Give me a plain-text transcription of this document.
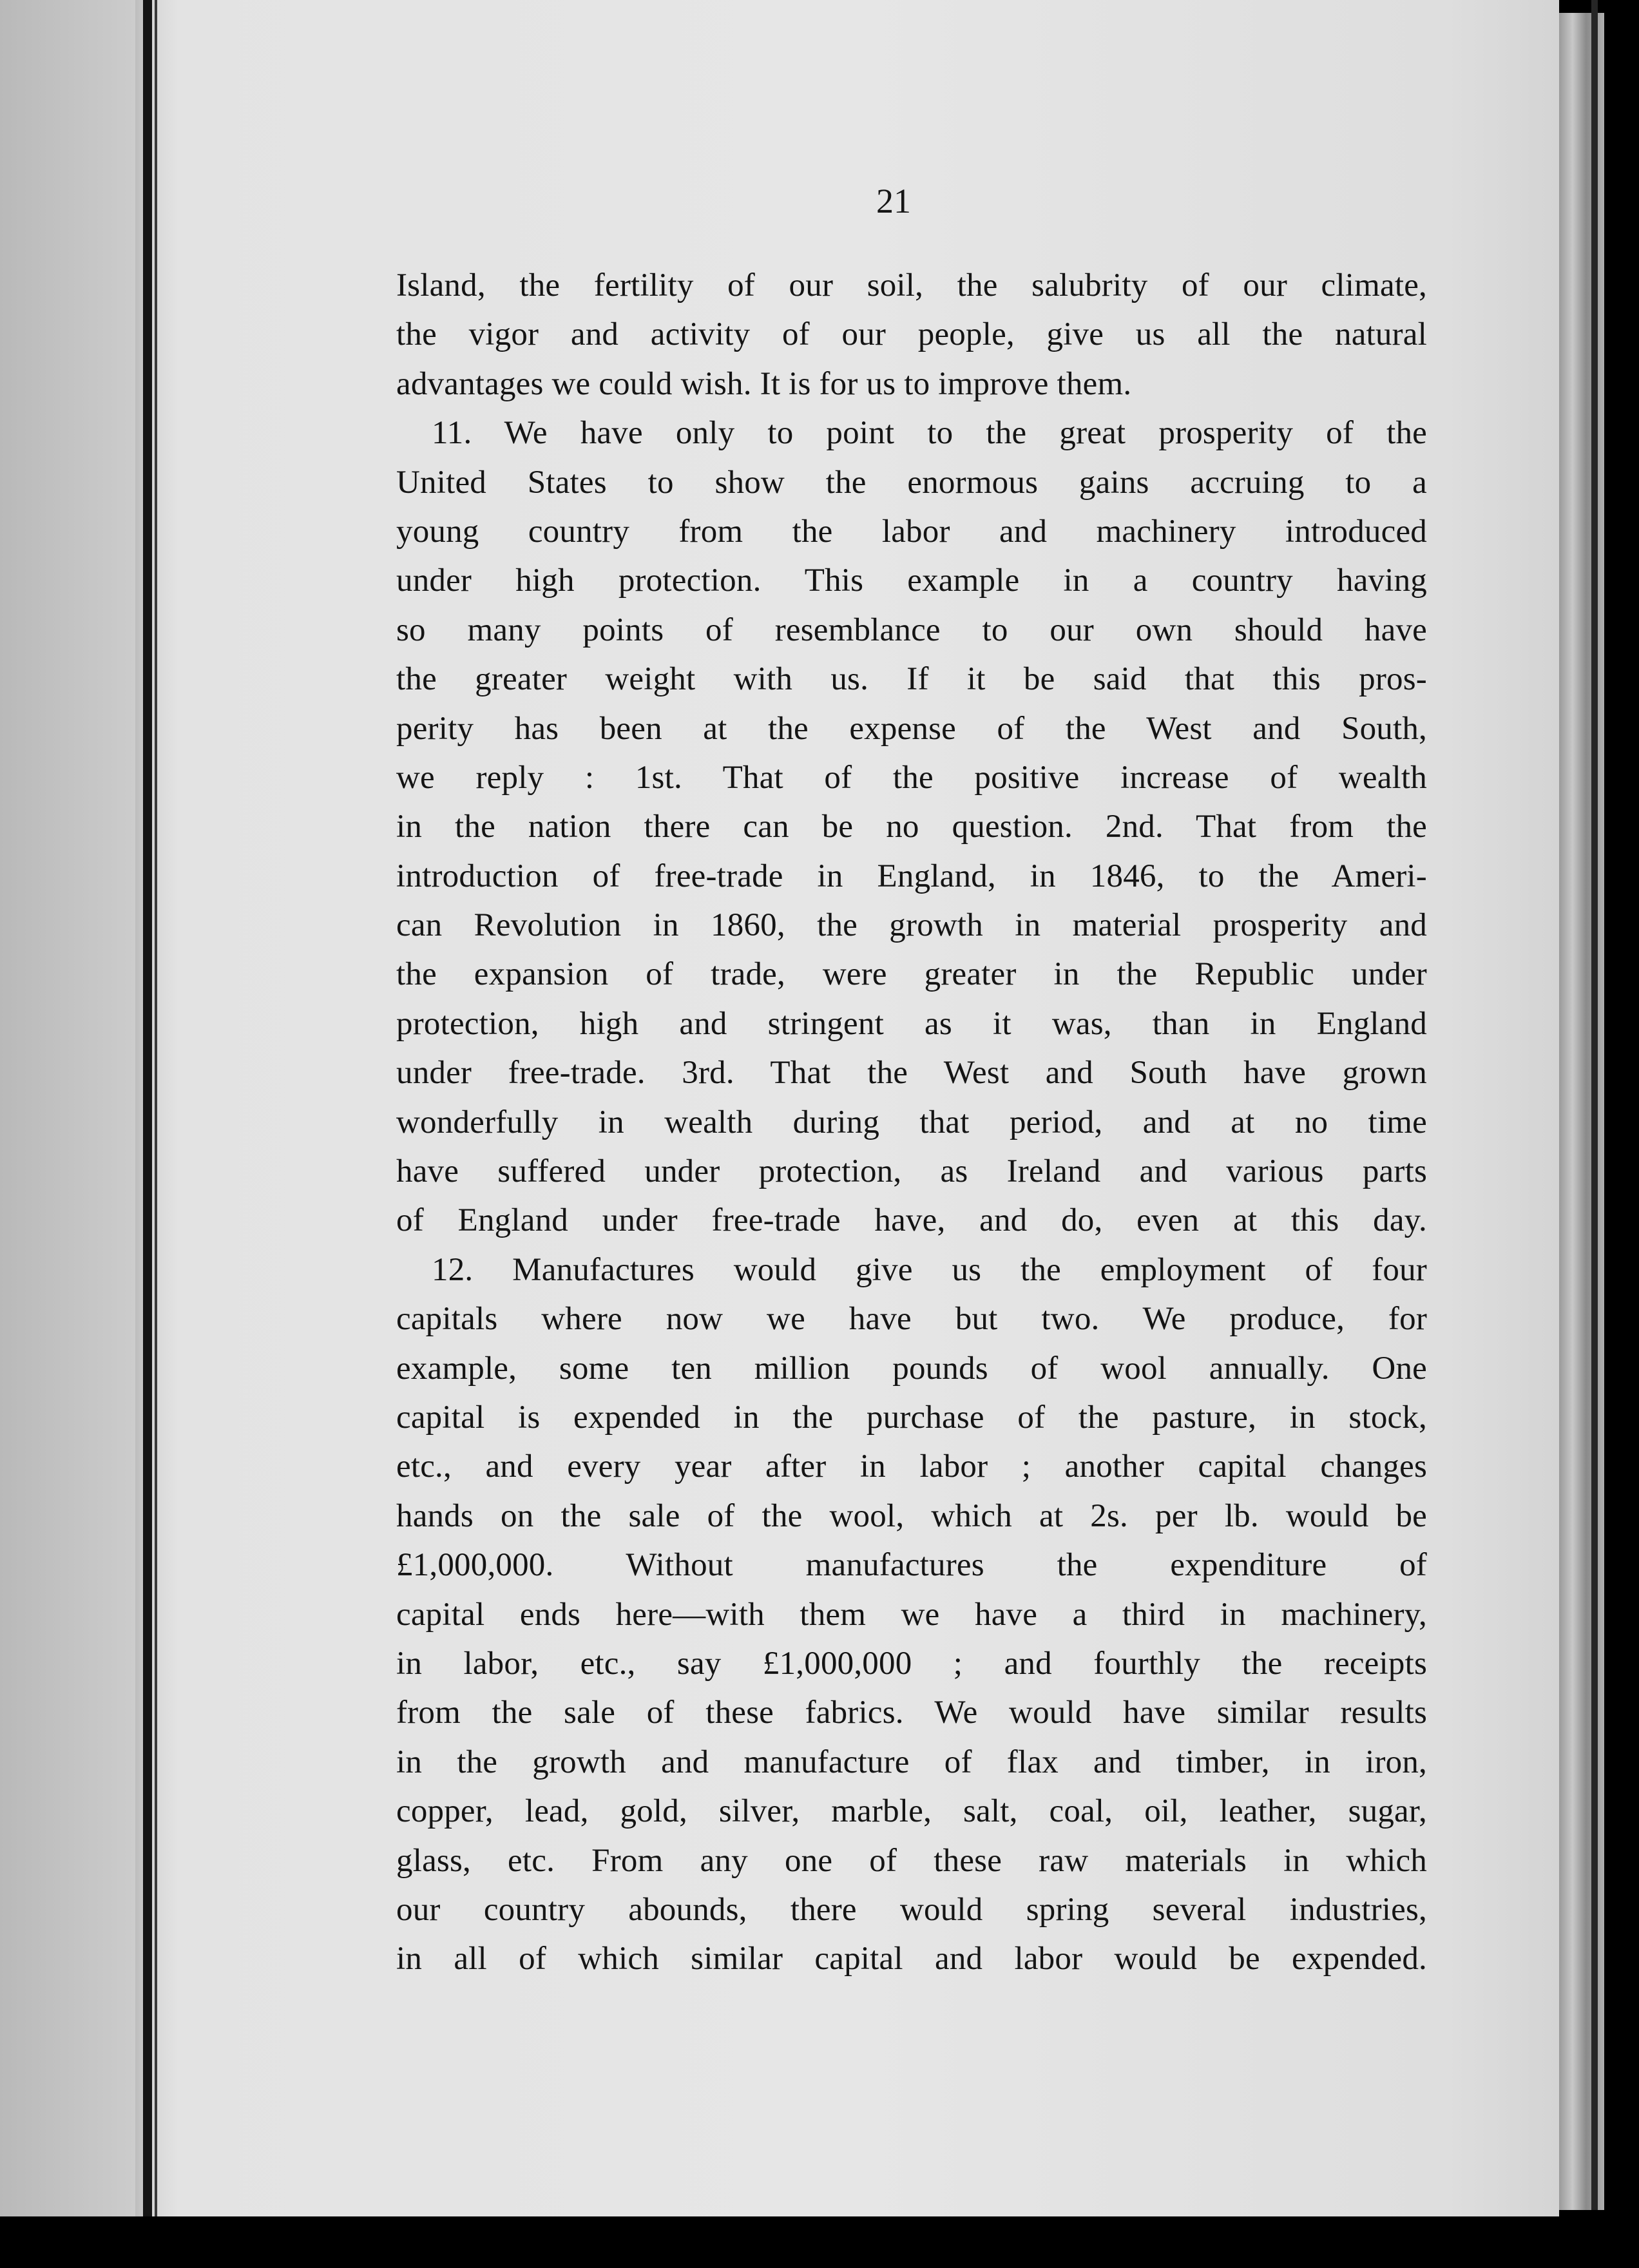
21

Island, the fertility of our soil, the salubrity of our climate,
the vigor and activity of our people, give us all the natural
advantages we could wish. It is for us to improve them.
11. We have only to point to the great prosperity of the
United States to show the enormous gains accruing to a
young country from the labor and machinery introduced
under high protection. This example in a country having
so many points of resemblance to our own should have
the greater weight with us. If it be said that this pros-
perity has been at the expense of the West and South,
we reply : 1st. That of the positive increase of wealth
in the nation there can be no question. 2nd. That from the
introduction of free-trade in England, in 1846, to the Ameri-
can Revolution in 1860, the growth in material prosperity and
the expansion of trade, were greater in the Republic under
protection, high and stringent as it was, than in England
under free-trade. 3rd. That the West and South have grown
wonderfully in wealth during that period, and at no time
have suffered under protection, as Ireland and various parts
of England under free-trade have, and do, even at this day.
12. Manufactures would give us the employment of four
capitals where now we have but two. We produce, for
example, some ten million pounds of wool annually. One
capital is expended in the purchase of the pasture, in stock,
etc., and every year after in labor ; another capital changes
hands on the sale of the wool, which at 2s. per lb. would be
£1,000,000. Without manufactures the expenditure of
capital ends here—with them we have a third in machinery,
in labor, etc., say £1,000,000 ; and fourthly the receipts
from the sale of these fabrics. We would have similar results
in the growth and manufacture of flax and timber, in iron,
copper, lead, gold, silver, marble, salt, coal, oil, leather, sugar,
glass, etc. From any one of these raw materials in which
our country abounds, there would spring several industries,
in all of which similar capital and labor would be expended.
